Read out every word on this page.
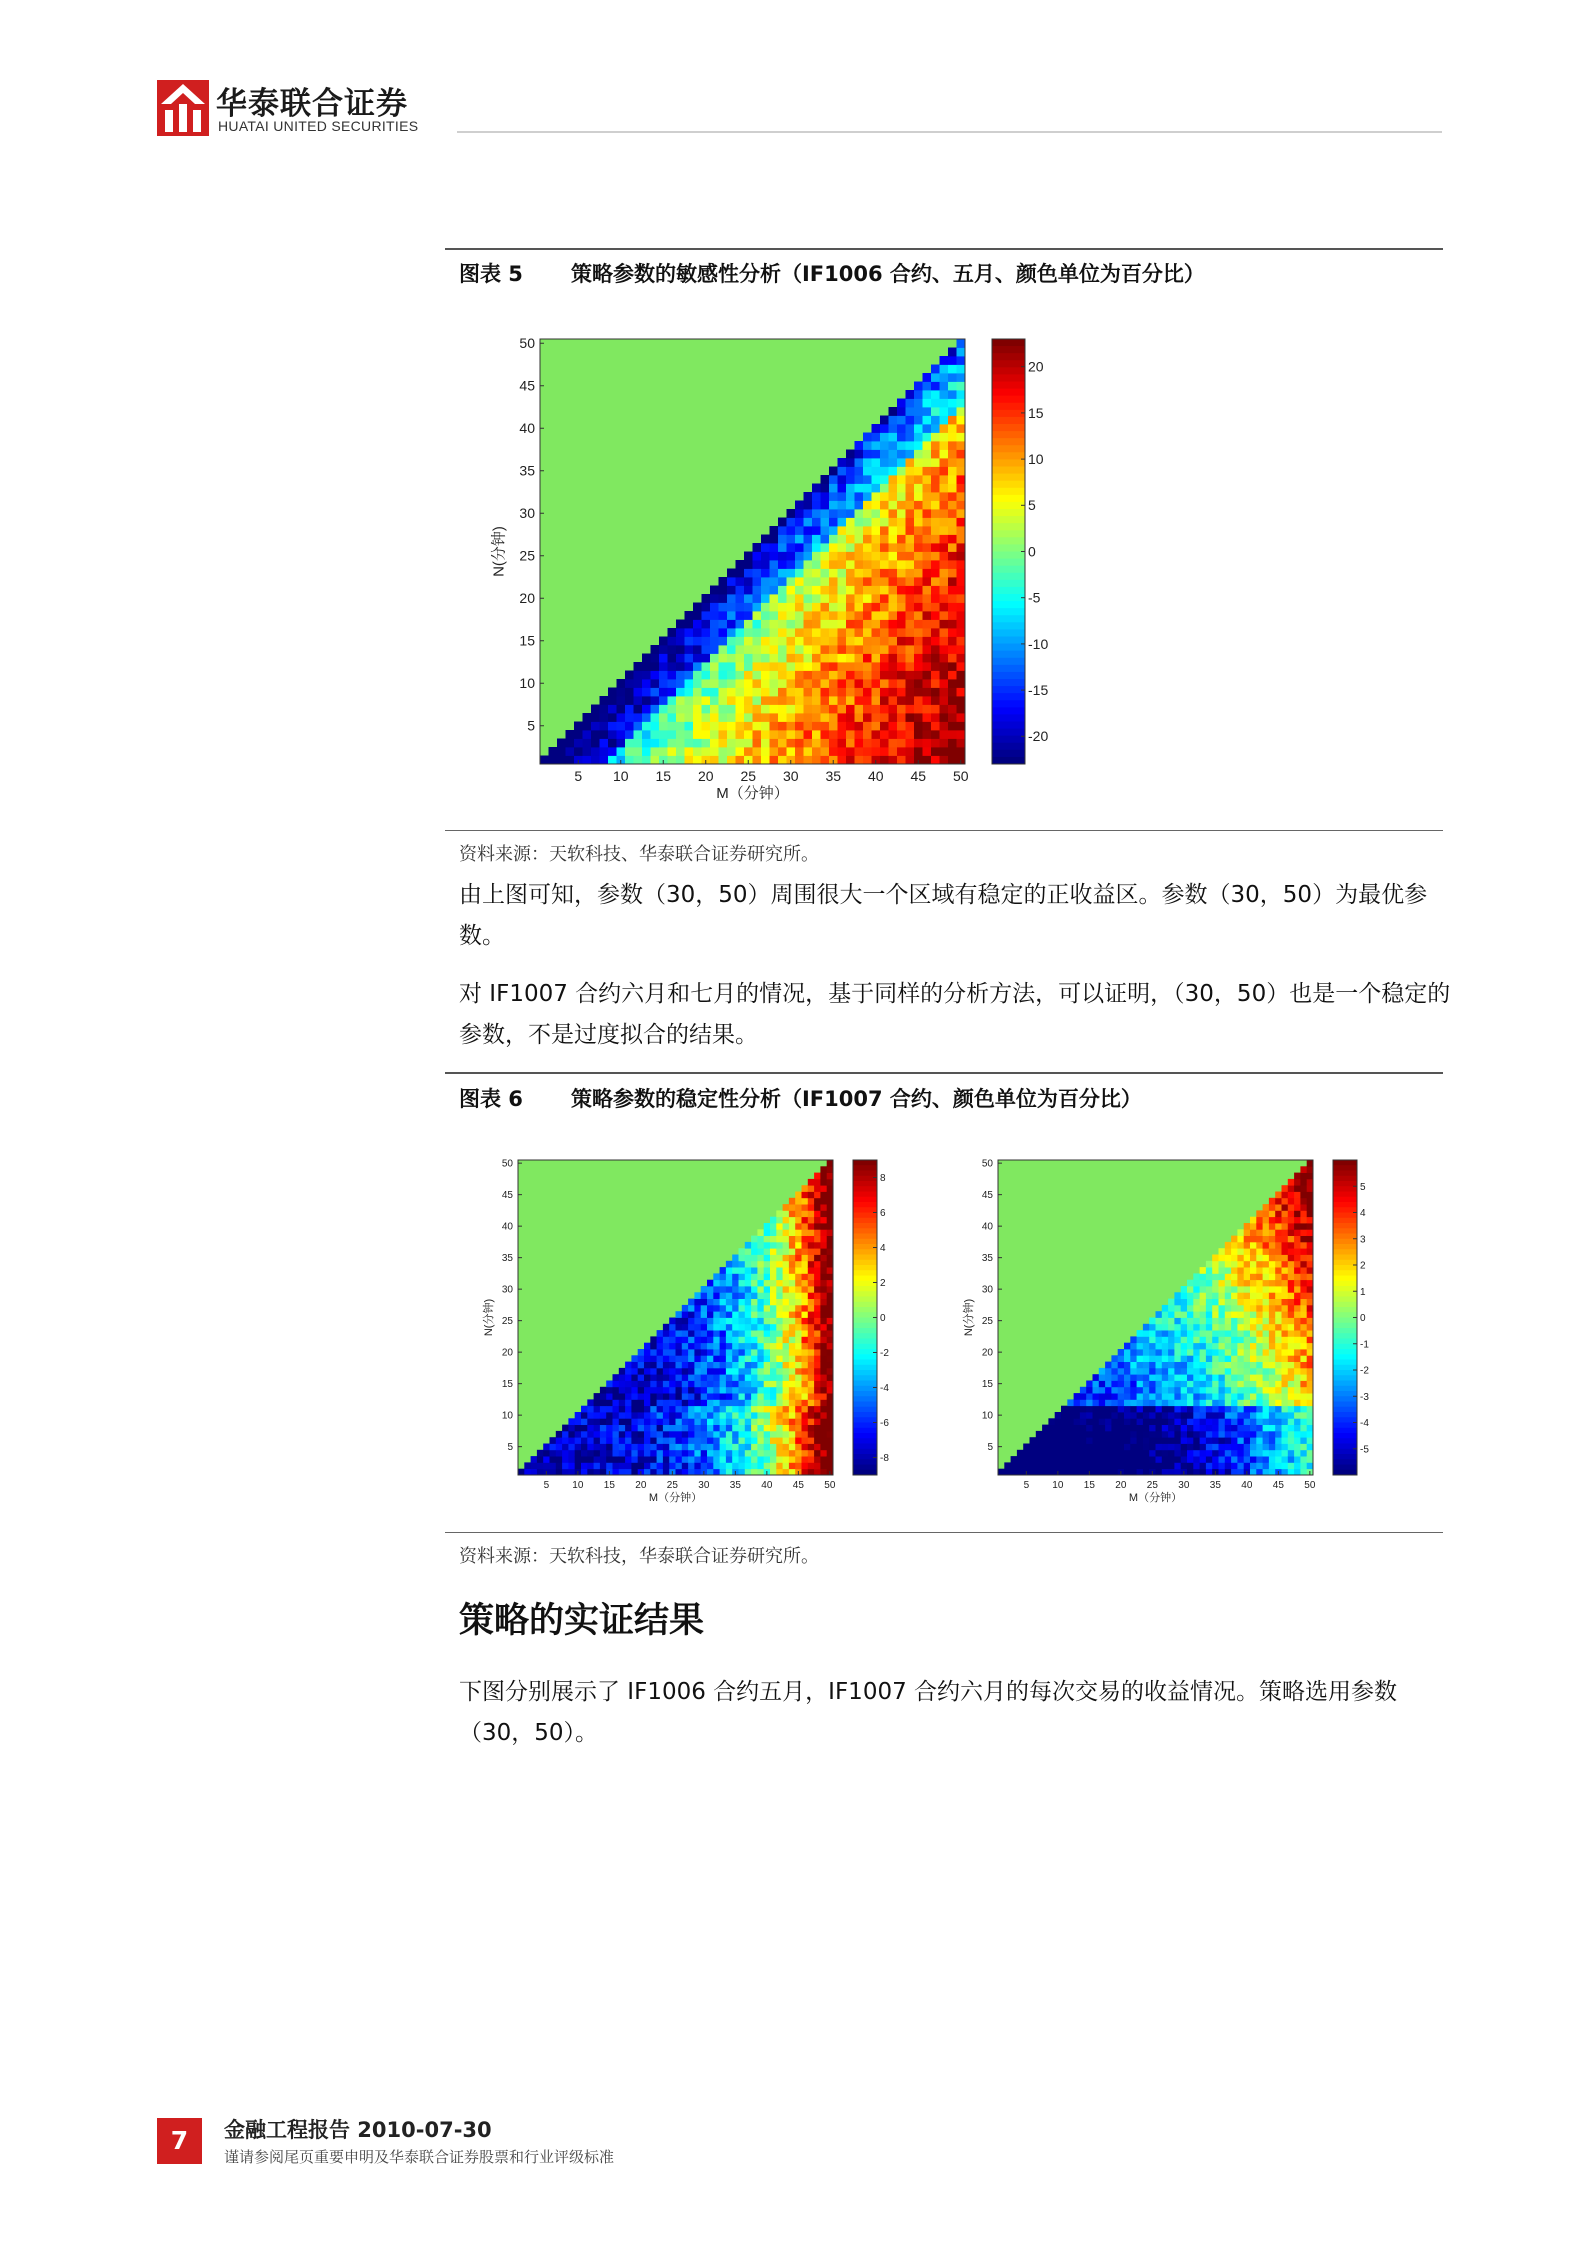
华泰联合证券
HUATAI UNITED SECURITIES
图表 5 策略参数的敏感性分析（IF1006 合约、五月、颜色单位为百分比）
5 10 15 20 25 30 35 40 45 50
5
10
15
20
25
30
35
40
45
50
M（分钟）
N(分钟)
20
15
10
5
0
-5
-10
-15
-20
资料来源：天软科技、华泰联合证券研究所。
由上图可知，参数（30，50）周围很大一个区域有稳定的正收益区。参数（30，50）为最优参数。
对 IF1007 合约六月和七月的情况，基于同样的分析方法，可以证明，（30，50）也是一个稳定的参数，不是过度拟合的结果。
图表 6 策略参数的稳定性分析（IF1007 合约、颜色单位为百分比）
5 10 15 20 25 30 35 40 45 50
5
10
15
20
25
30
35
40
45
50
M（分钟）
N(分钟)
8
6
4
2
0
-2
-4
-6
-8
5 10 15 20 25 30 35 40 45 50
5
10
15
20
25
30
35
40
45
50
M（分钟）
N(分钟)
5
4
3
2
1
0
-1
-2
-3
-4
-5
资料来源：天软科技，华泰联合证券研究所。
策略的实证结果
下图分别展示了 IF1006 合约五月，IF1007 合约六月的每次交易的收益情况。策略选用参数（30，50）。
7	金融工程报告 2010-07-30
谨请参阅尾页重要申明及华泰联合证券股票和行业评级标准
